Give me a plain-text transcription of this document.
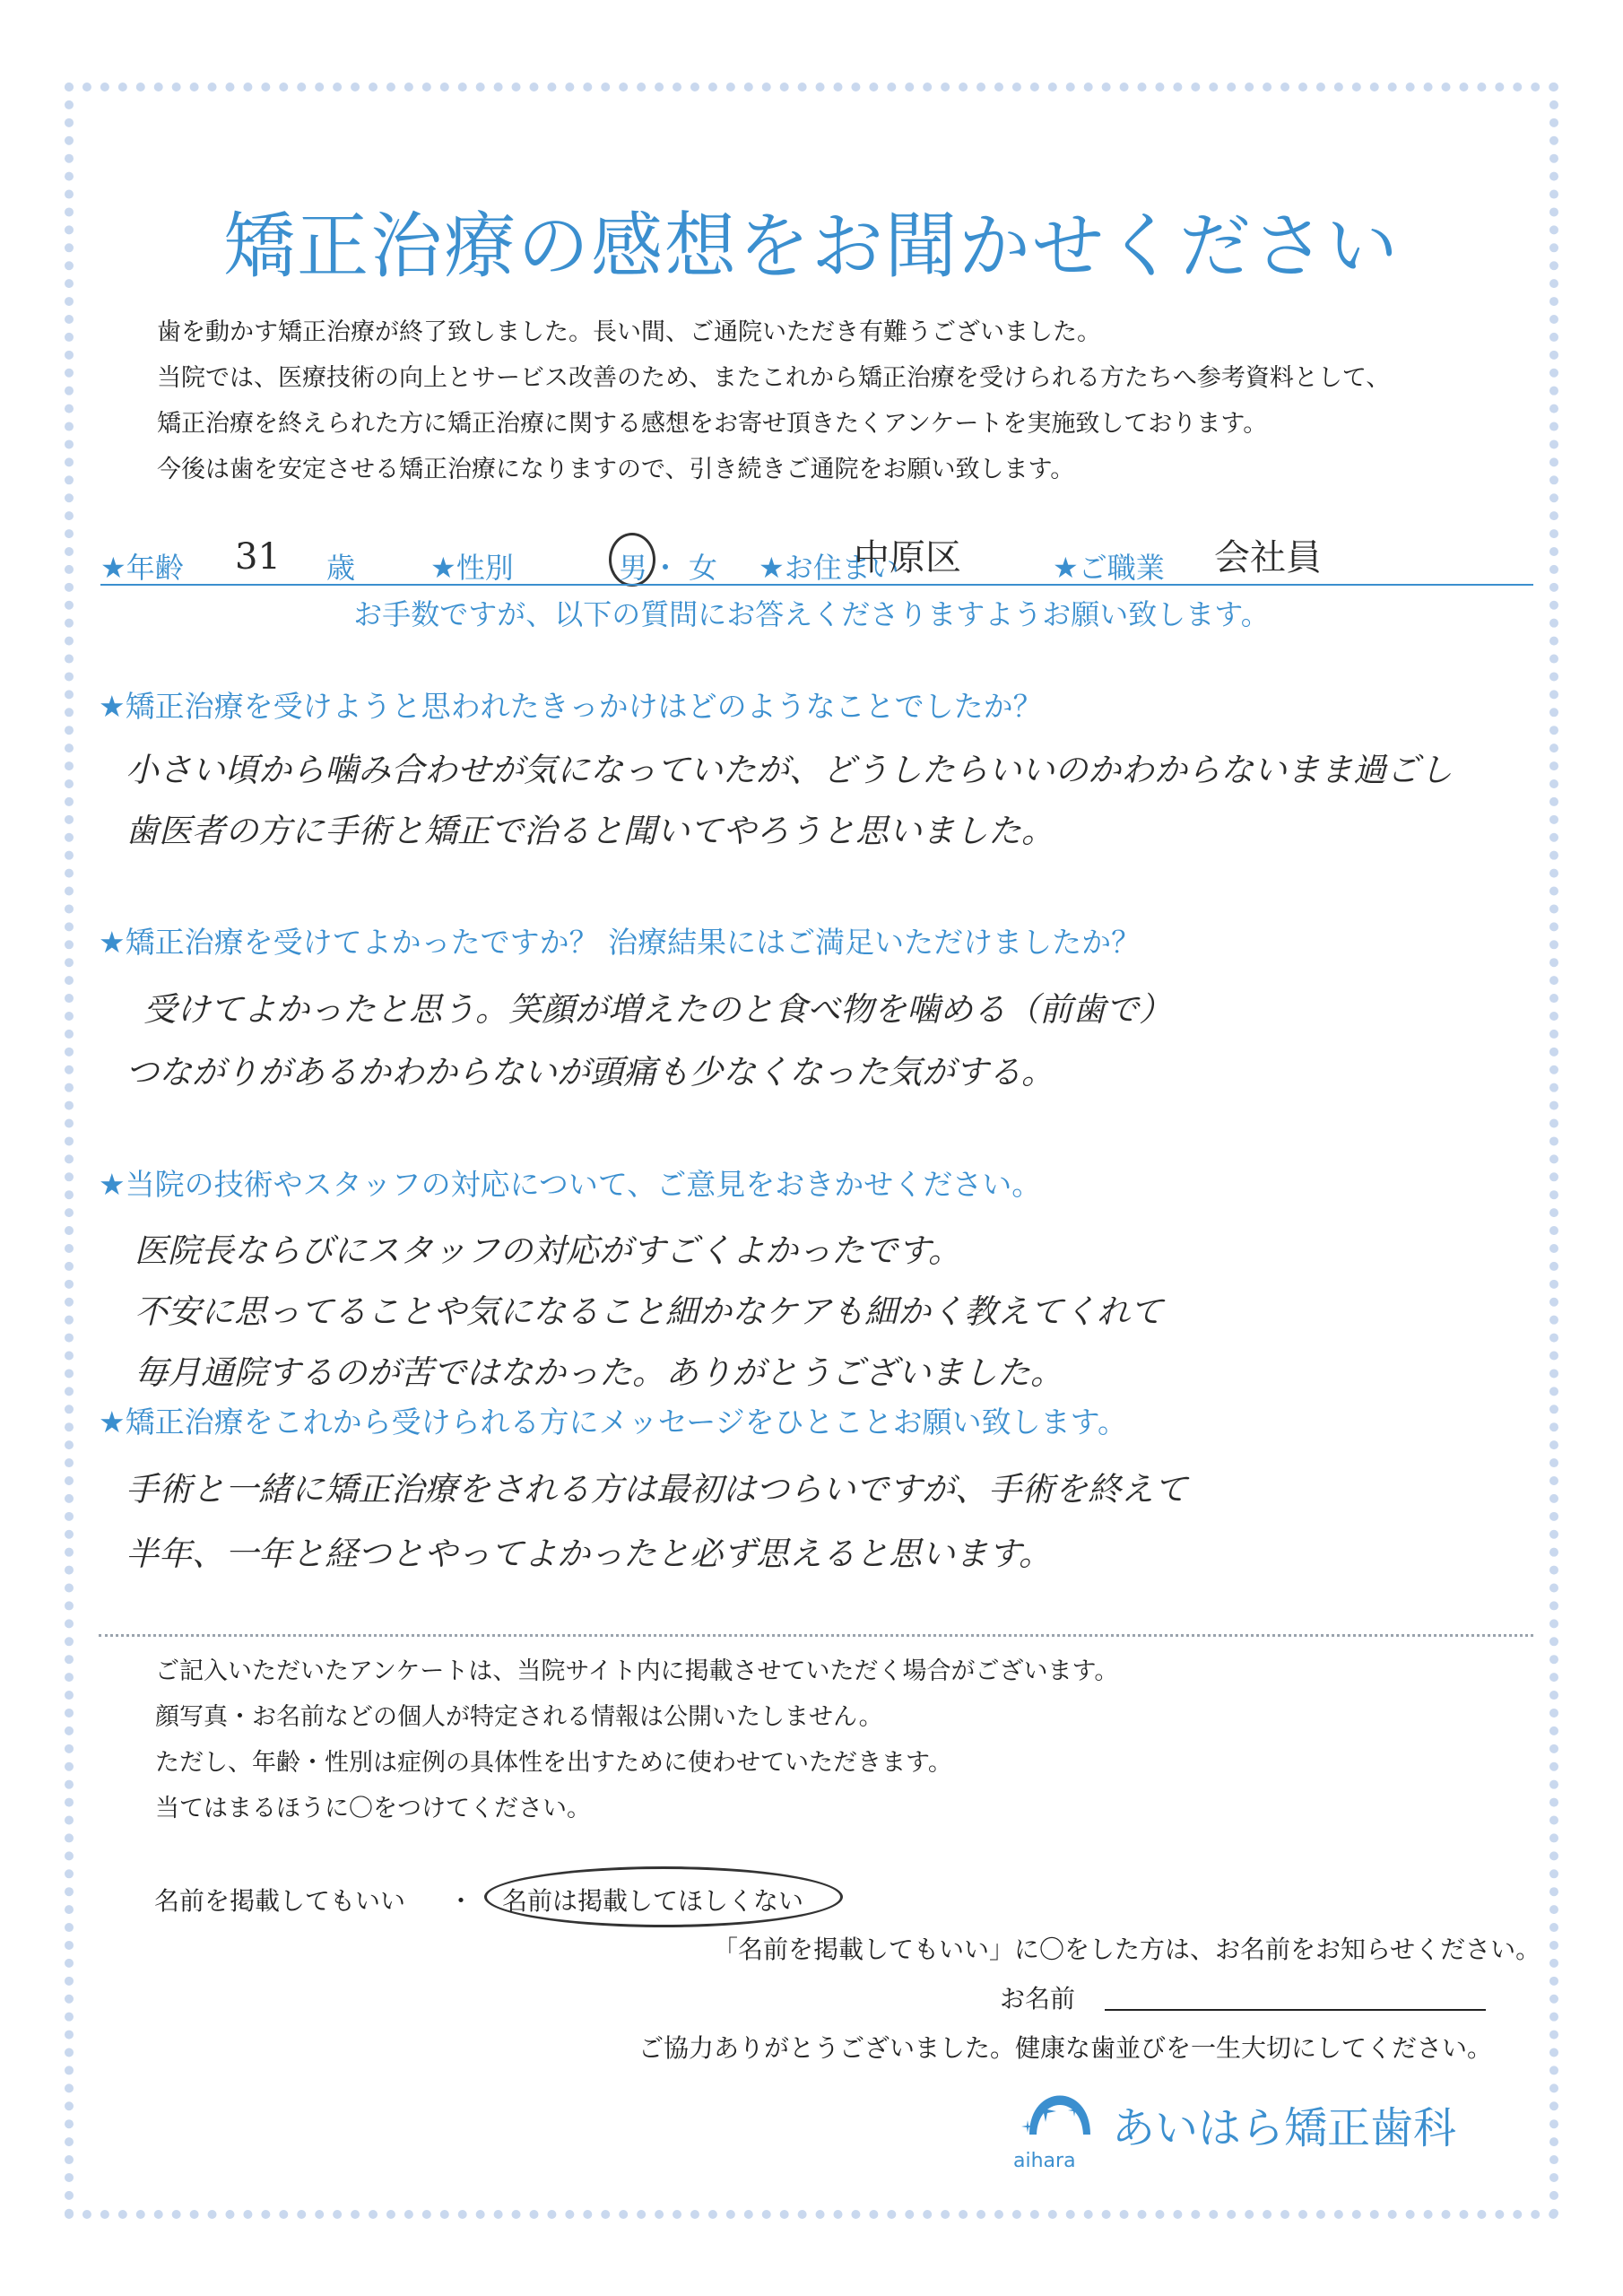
矯正治療の感想をお聞かせください

歯を動かす矯正治療が終了致しました。長い間、ご通院いただき有難うございました。

当院では、医療技術の向上とサービス改善のため、またこれから矯正治療を受けられる方たちへ参考資料として、

矯正治療を終えられた方に矯正治療に関する感想をお寄せ頂きたくアンケートを実施致しております。

今後は歯を安定させる矯正治療になりますので、引き続きご通院をお願い致します。

★年齢 31 歳	★性別	男 ・ 女 ★お住まい
中原区	★ご職業 会社員
お手数ですが、以下の質問にお答えくださりますようお願い致します。
★矯正治療を受けようと思われたきっかけはどのようなことでしたか？
小さい頃から噛み合わせが気になっていたが、どうしたらいいのかわからないまま過ごし
歯医者の方に手術と矯正で治ると聞いてやろうと思いました。
★矯正治療を受けてよかったですか？ 治療結果にはご満足いただけましたか？
受けてよかったと思う。笑顔が増えたのと食べ物を噛める（前歯で）
つながりがあるかわからないが頭痛も少なくなった気がする。
★当院の技術やスタッフの対応について、ご意見をおきかせください。
医院長ならびにスタッフの対応がすごくよかったです。
不安に思ってることや気になること細かなケアも細かく教えてくれて
毎月通院するのが苦ではなかった。ありがとうございました。
★矯正治療をこれから受けられる方にメッセージをひとことお願い致します。
手術と一緒に矯正治療をされる方は最初はつらいですが、手術を終えて
半年、一年と経つとやってよかったと必ず思えると思います。

ご記入いただいたアンケートは、当院サイト内に掲載させていただく場合がございます。

顔写真・お名前などの個人が特定される情報は公開いたしません。

ただし、年齢・性別は症例の具体性を出すために使わせていただきます。

当てはまるほうに〇をつけてください。

名前を掲載してもいい ・ 名前は掲載してほしくない
「名前を掲載してもいい」に〇をした方は、お名前をお知らせください。
お名前
ご協力ありがとうございました。健康な歯並びを一生大切にしてください。
あいはら矯正歯科
aihara
